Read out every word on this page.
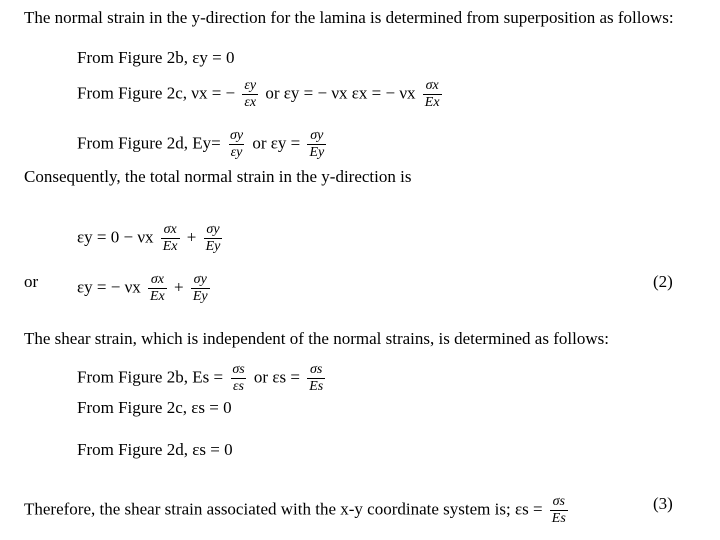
The normal strain in the y-direction for the lamina is determined from superposition as follows:
From Figure 2b, εy = 0
From Figure 2c, νx = − $\frac{\varepsilon y}{\varepsilon x}$ or εy = − νx εx = − νx $\frac{\sigma x}{Ex}$
From Figure 2d, $Ey= \frac{\sigma y}{\varepsilon y}$ or $\varepsilon y = \frac{\sigma y}{Ey}$
Consequently, the total normal strain in the y-direction is
εy = 0 − νx $\frac{\sigma x}{Ex} + \frac{\sigma y}{Ey}$
or εy = − νx $\frac{\sigma x}{Ex} + \frac{\sigma y}{Ey}$	(2)
The shear strain, which is independent of the normal strains, is determined as follows:
From Figure 2b, $Es = \frac{\sigma s}{\varepsilon s}$ or $\varepsilon s = \frac{\sigma s}{Es}$
From Figure 2c, εs = 0
From Figure 2d, εs = 0
Therefore, the shear strain associated with the x-y coordinate system is; $\varepsilon s = \frac{\sigma s}{Es}$	(3)
